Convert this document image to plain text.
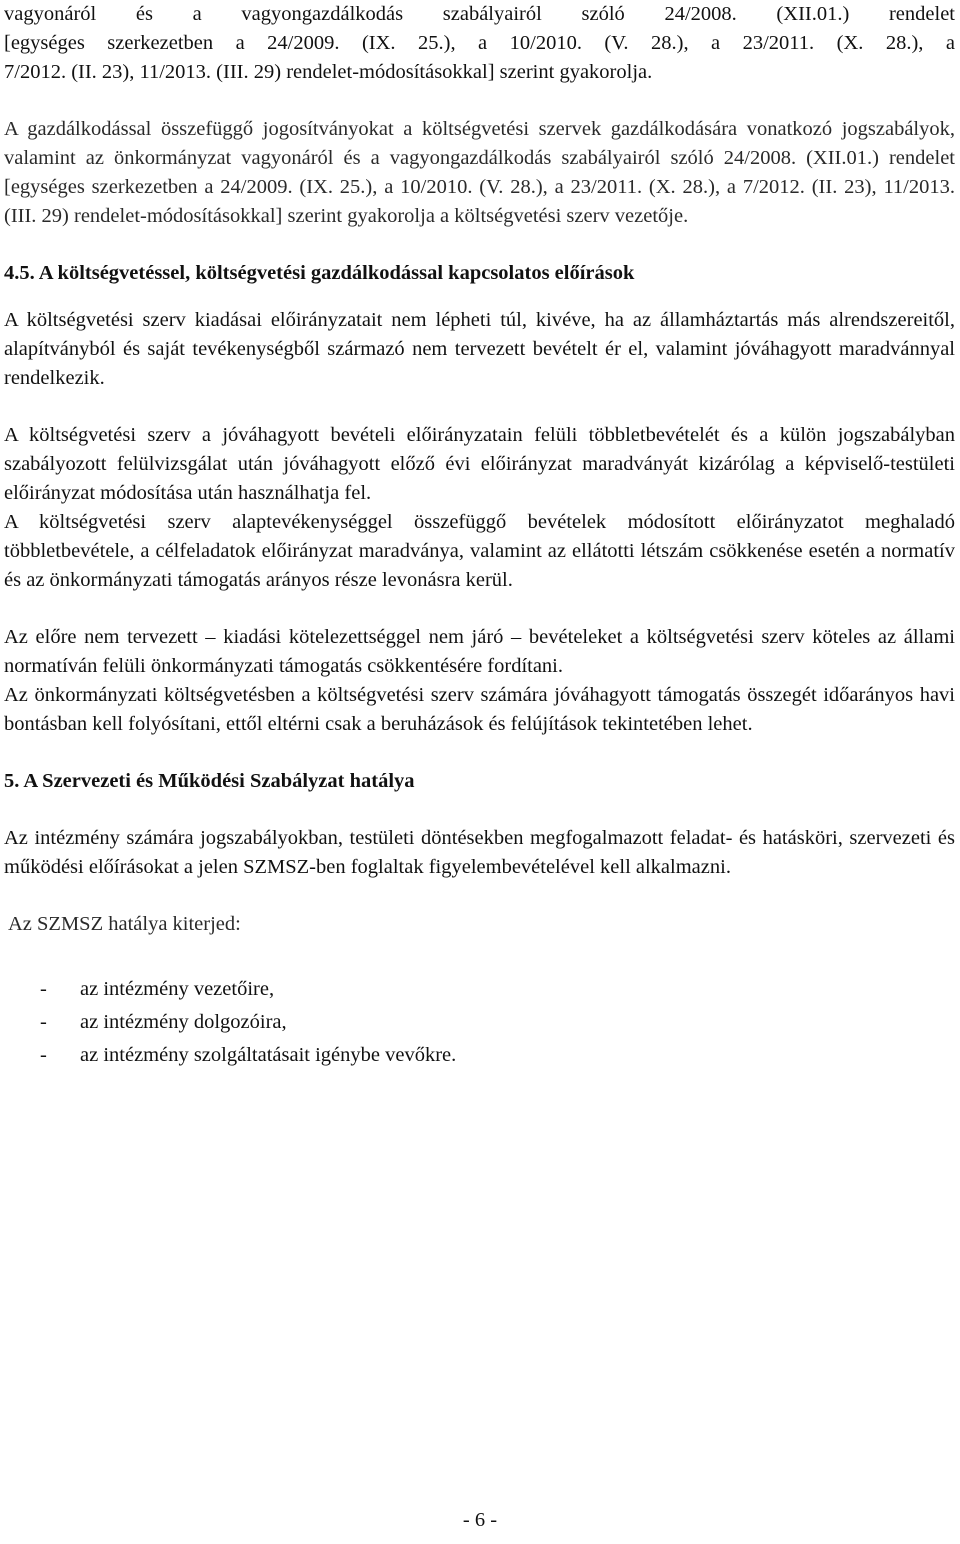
vagyonáról és a vagyongazdálkodás szabályairól szóló 24/2008. (XII.01.) rendelet

[egységes szerkezetben a 24/2009. (IX. 25.), a 10/2010. (V. 28.), a 23/2011. (X. 28.), a

7/2012. (II. 23), 11/2013. (III. 29) rendelet-módosításokkal] szerint gyakorolja.

A gazdálkodással összefüggő jogosítványokat a költségvetési szervek gazdálkodására vonatkozó jogszabályok, valamint az önkormányzat vagyonáról és a vagyongazdálkodás szabályairól szóló 24/2008. (XII.01.) rendelet [egységes szerkezetben a 24/2009. (IX. 25.), a 10/2010. (V. 28.), a 23/2011. (X. 28.), a 7/2012. (II. 23), 11/2013. (III. 29) rendelet-módosításokkal] szerint gyakorolja a költségvetési szerv vezetője.

4.5. A költségvetéssel, költségvetési gazdálkodással kapcsolatos előírások

A költségvetési szerv kiadásai előirányzatait nem lépheti túl, kivéve, ha az államháztartás más alrendszereitől, alapítványból és saját tevékenységből származó nem tervezett bevételt ér el, valamint jóváhagyott maradvánnyal rendelkezik.

A költségvetési szerv a jóváhagyott bevételi előirányzatain felüli többletbevételét és a külön jogszabályban szabályozott felülvizsgálat után jóváhagyott előző évi előirányzat maradványát kizárólag a képviselő-testületi előirányzat módosítása után használhatja fel.

A költségvetési szerv alaptevékenységgel összefüggő bevételek módosított előirányzatot meghaladó többletbevétele, a célfeladatok előirányzat maradványa, valamint az ellátotti létszám csökkenése esetén a normatív és az önkormányzati támogatás arányos része levonásra kerül.

Az előre nem tervezett – kiadási kötelezettséggel nem járó – bevételeket a költségvetési szerv köteles az állami normatíván felüli önkormányzati támogatás csökkentésére fordítani.

Az önkormányzati költségvetésben a költségvetési szerv számára jóváhagyott támogatás összegét időarányos havi bontásban kell folyósítani, ettől eltérni csak a beruházások és felújítások tekintetében lehet.

5. A Szervezeti és Működési Szabályzat hatálya

Az intézmény számára jogszabályokban, testületi döntésekben megfogalmazott feladat- és hatásköri, szervezeti és működési előírásokat a jelen SZMSZ-ben foglaltak figyelembevételével kell alkalmazni.

Az SZMSZ hatálya kiterjed:

-	az intézmény vezetőire,
-	az intézmény dolgozóira,
-	az intézmény szolgáltatásait igénybe vevőkre.
- 6 -
